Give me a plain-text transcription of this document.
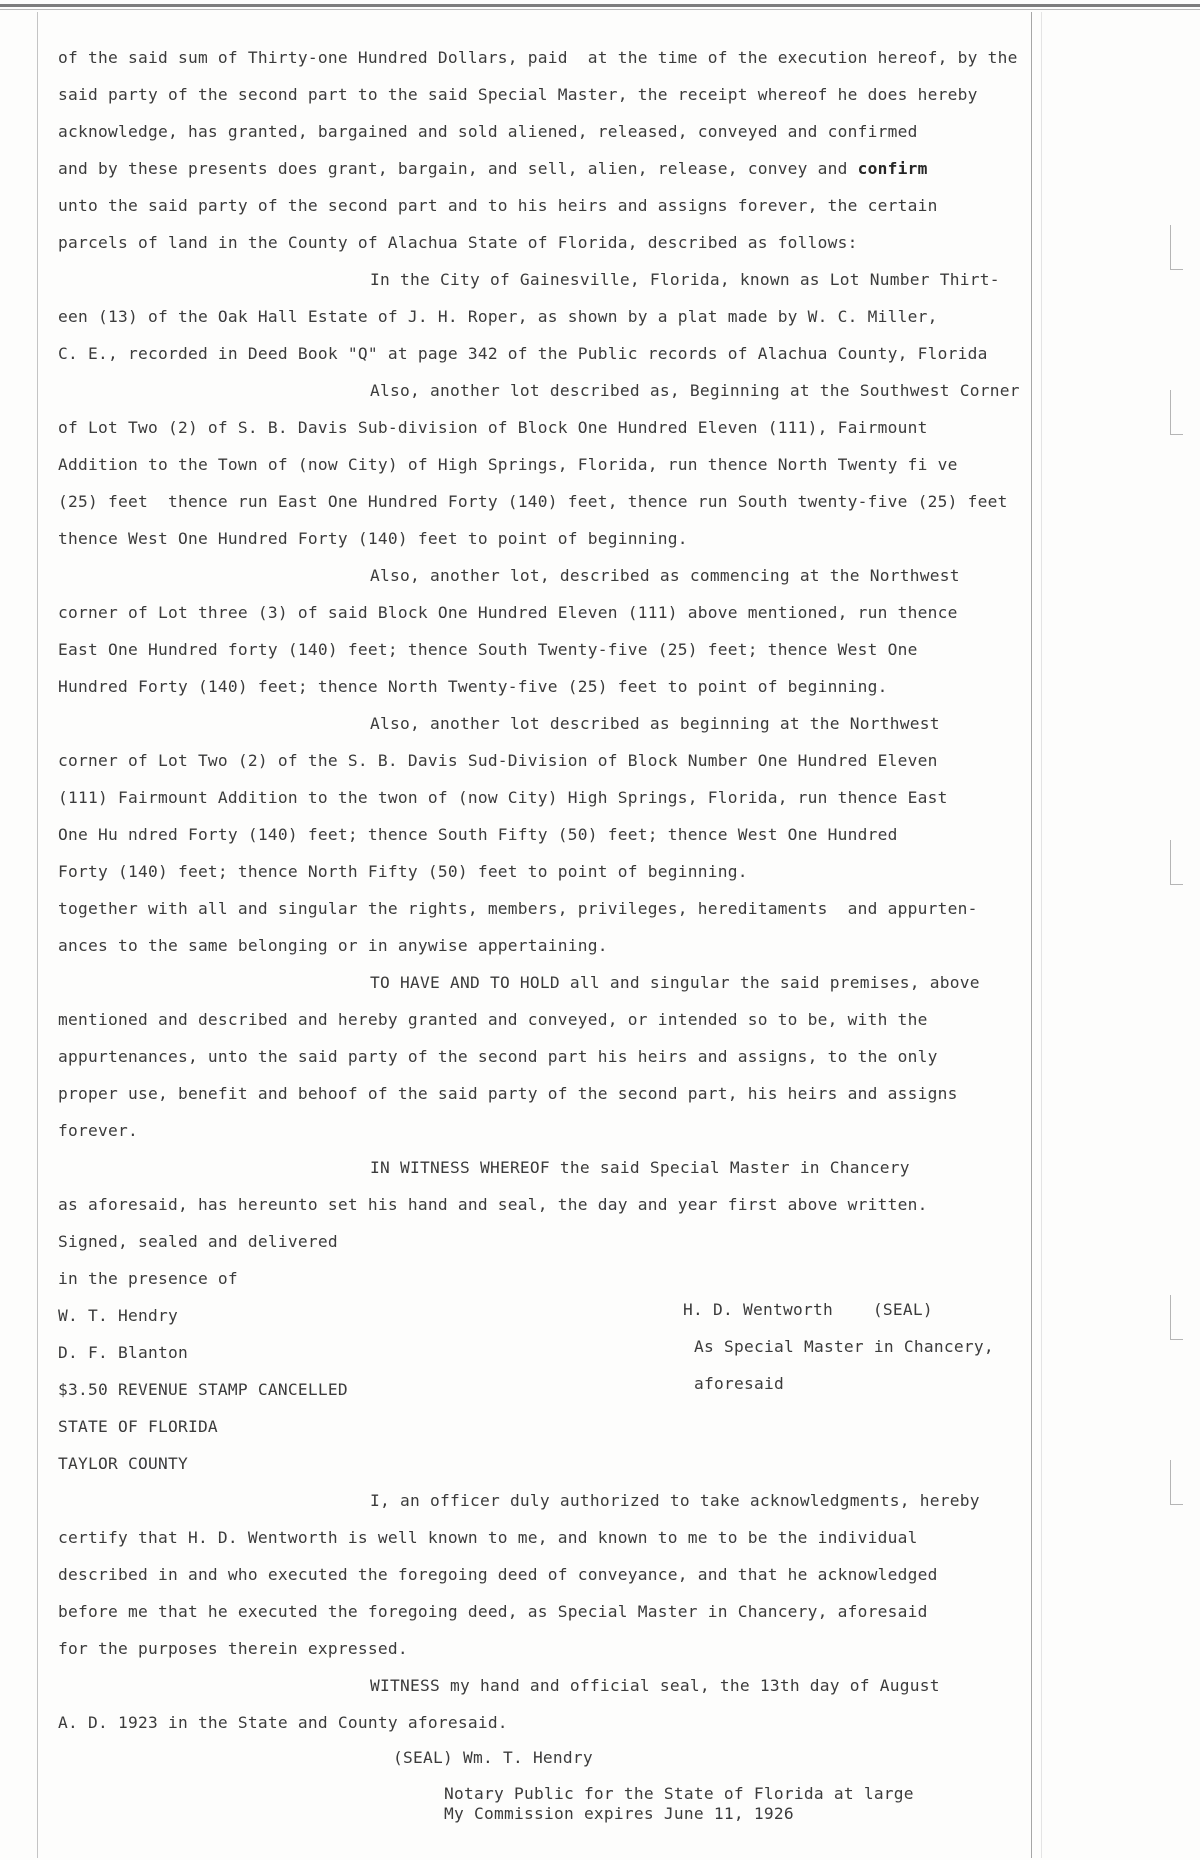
of the said sum of Thirty-one Hundred Dollars, paid  at the time of the execution hereof, by the
said party of the second part to the said Special Master, the receipt whereof he does hereby
acknowledge, has granted, bargained and sold aliened, released, conveyed and confirmed
and by these presents does grant, bargain, and sell, alien, release, convey and confirm
unto the said party of the second part and to his heirs and assigns forever, the certain
parcels of land in the County of Alachua State of Florida, described as follows:
In the City of Gainesville, Florida, known as Lot Number Thirt-
een (13) of the Oak Hall Estate of J. H. Roper, as shown by a plat made by W. C. Miller,
C. E., recorded in Deed Book "Q" at page 342 of the Public records of Alachua County, Florida
Also, another lot described as, Beginning at the Southwest Corner
of Lot Two (2) of S. B. Davis Sub-division of Block One Hundred Eleven (111), Fairmount
Addition to the Town of (now City) of High Springs, Florida, run thence North Twenty fi ve
(25) feet  thence run East One Hundred Forty (140) feet, thence run South twenty-five (25) feet
thence West One Hundred Forty (140) feet to point of beginning.
Also, another lot, described as commencing at the Northwest
corner of Lot three (3) of said Block One Hundred Eleven (111) above mentioned, run thence
East One Hundred forty (140) feet; thence South Twenty-five (25) feet; thence West One
Hundred Forty (140) feet; thence North Twenty-five (25) feet to point of beginning.
Also, another lot described as beginning at the Northwest
corner of Lot Two (2) of the S. B. Davis Sud-Division of Block Number One Hundred Eleven
(111) Fairmount Addition to the twon of (now City) High Springs, Florida, run thence East
One Hu ndred Forty (140) feet; thence South Fifty (50) feet; thence West One Hundred
Forty (140) feet; thence North Fifty (50) feet to point of beginning.
together with all and singular the rights, members, privileges, hereditaments  and appurten-
ances to the same belonging or in anywise appertaining.
TO HAVE AND TO HOLD all and singular the said premises, above
mentioned and described and hereby granted and conveyed, or intended so to be, with the
appurtenances, unto the said party of the second part his heirs and assigns, to the only
proper use, benefit and behoof of the said party of the second part, his heirs and assigns
forever.
IN WITNESS WHEREOF the said Special Master in Chancery
as aforesaid, has hereunto set his hand and seal, the day and year first above written.
Signed, sealed and delivered
in the presence of
W. T. Hendry
D. F. Blanton
$3.50 REVENUE STAMP CANCELLED
STATE OF FLORIDA
TAYLOR COUNTY
H. D. Wentworth    (SEAL)
As Special Master in Chancery,
aforesaid
I, an officer duly authorized to take acknowledgments, hereby
certify that H. D. Wentworth is well known to me, and known to me to be the individual
described in and who executed the foregoing deed of conveyance, and that he acknowledged
before me that he executed the foregoing deed, as Special Master in Chancery, aforesaid
for the purposes therein expressed.
WITNESS my hand and official seal, the 13th day of August
A. D. 1923 in the State and County aforesaid.
(SEAL) Wm. T. Hendry
Notary Public for the State of Florida at large
My Commission expires June 11, 1926
